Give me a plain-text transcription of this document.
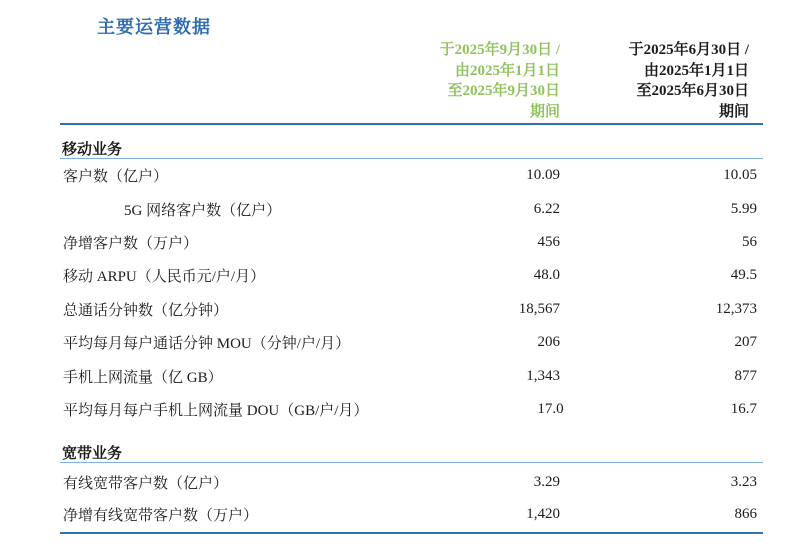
主要运营数据
于2025年9月30日 /
由2025年1月1日
至2025年9月30日
期间
于2025年6月30日 /
由2025年1月1日
至2025年6月30日
期间
移动业务
客户数（亿户）	10.09	10.05
5G 网络客户数（亿户）	6.22	5.99
净增客户数（万户）	456	56
移动 ARPU（人民币元/户/月）	48.0	49.5
总通话分钟数（亿分钟）	18,567	12,373
平均每月每户通话分钟 MOU（分钟/户/月）	206	207
手机上网流量（亿 GB）	1,343	877
平均每月每户手机上网流量 DOU（GB/户/月）	17.0	16.7
宽带业务
有线宽带客户数（亿户）	3.29	3.23
净增有线宽带客户数（万户）	1,420	866
